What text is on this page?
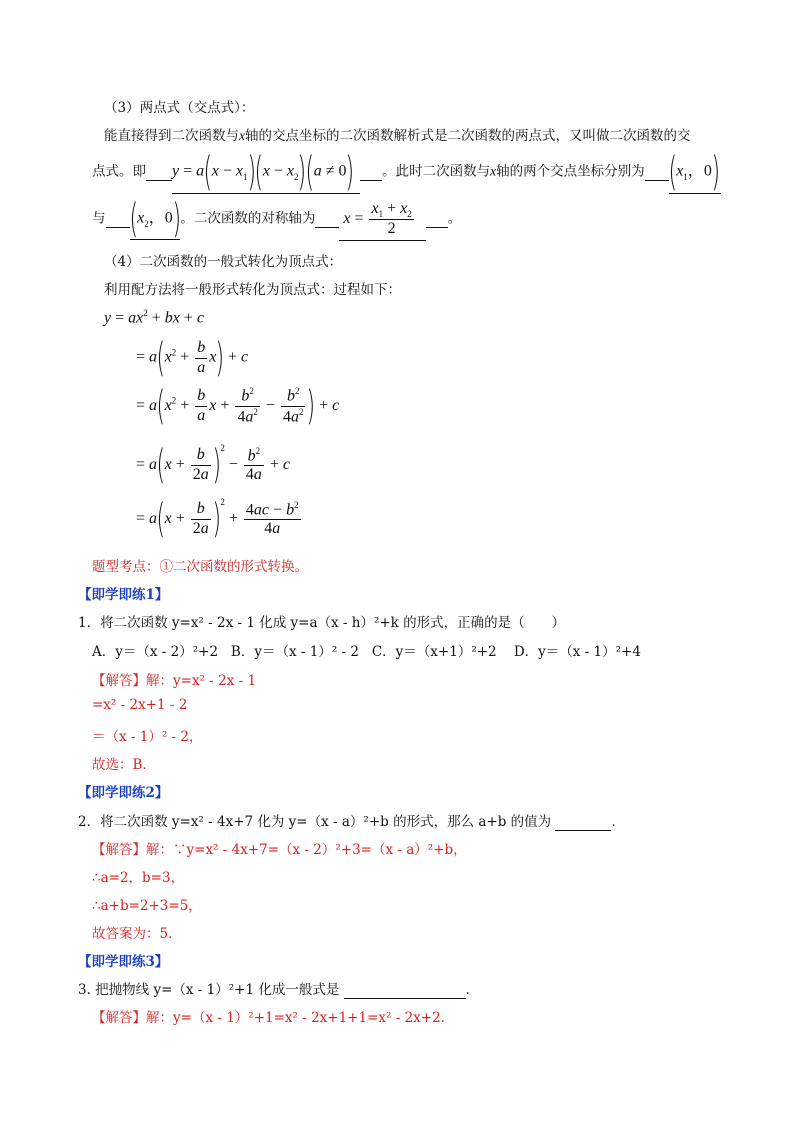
（3）两点式（交点式）：
能直接得到二次函数与x轴的交点坐标的二次函数解析式是二次函数的两点式，又叫做二次函数的交
点式。即 $y = a(x - x_1)(x - x_2)(a \ne 0)$ 。此时二次函数与x轴的两个交点坐标分别为 ($x_1$，0)
与 ($x_2$，0)。二次函数的对称轴为 $x = \frac{x_1 + x_2}{2}$	。
（4）二次函数的一般式转化为顶点式：
利用配方法将一般形式转化为顶点式：过程如下：
$y = ax^2$ + bx + c
= $a(x^2 + \frac{b}{a} x) + c$
= $a(x^2 + \frac{b}{a}$ $x + \frac{b^2}{4a^2} - \frac{b^2}{4a^2}$ ) + c
= $a(x + \frac{b}{2a} )^2 - \frac{b^2}{4a} + c$
= $a(x + \frac{b}{2a} )^2 + \frac{4ac - b^2}{4a}$
题型考点：①二次函数的形式转换。
【即学即练1】
1．将二次函数 y=x² - 2x - 1 化成 y=a（x - h）²+k 的形式，正确的是（　　）
A．y＝（x - 2）²+2 B．y＝（x - 1）² - 2 C．y＝（x+1）²+2 D．y＝（x - 1）²+4
【解答】解：y=x² - 2x - 1
=x² - 2x+1 - 2
＝（x - 1）² - 2，
故选：B．
【即学即练2】
2．将二次函数 y=x² - 4x+7 化为 y=（x - a）²+b 的形式，那么 a+b 的值为	．
【解答】解：∵y=x² - 4x+7=（x - 2）²+3=（x - a）²+b，
∴a=2，b=3，
∴a+b=2+3=5，
故答案为：5．
【即学即练3】
3. 把抛物线 y=（x - 1）²+1 化成一般式是	．
【解答】解：y=（x - 1）²+1=x² - 2x+1+1=x² - 2x+2．
